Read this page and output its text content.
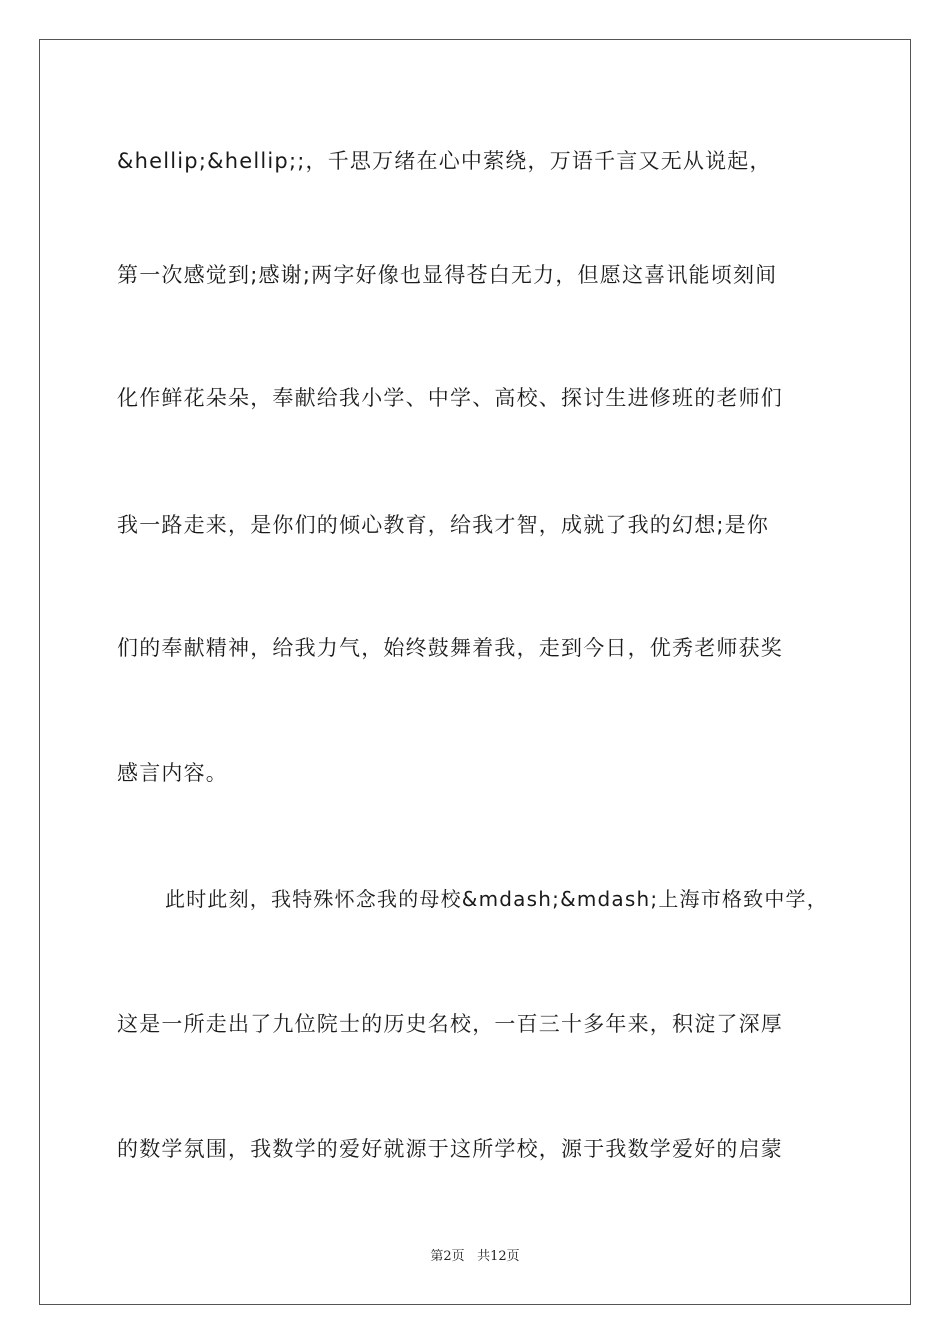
&hellip;&hellip;;，千思万绪在心中萦绕，万语千言又无从说起，
第一次感觉到;感谢;两字好像也显得苍白无力，但愿这喜讯能顷刻间
化作鲜花朵朵，奉献给我小学、中学、高校、探讨生进修班的老师们
我一路走来，是你们的倾心教育，给我才智，成就了我的幻想;是你
们的奉献精神，给我力气，始终鼓舞着我，走到今日，优秀老师获奖
感言内容。
此时此刻，我特殊怀念我的母校&mdash;&mdash;上海市格致中学，
这是一所走出了九位院士的历史名校，一百三十多年来，积淀了深厚
的数学氛围，我数学的爱好就源于这所学校，源于我数学爱好的启蒙
第2页 共12页
